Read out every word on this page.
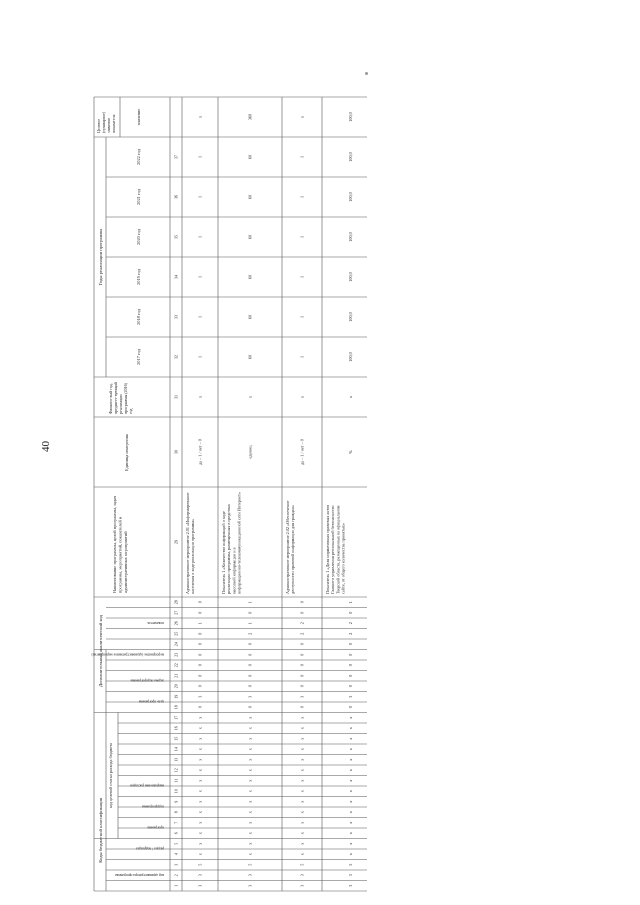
40
Коды бюджетной классификации
Дополнительный аналитический код
код целевой статьи расхода бюджета
код администратора программы
раздел / подраздел
программа
подпрограмма
направление расходов
цель программы
задача подпрограммы
мероприятие (административное мероприятие)
показатель
Наименование программы, целей программы, задач программы, мероприятий, показателей и административных мероприятий
Единица измерения
Финансо-вый год, предшест-вующий реализации программы (2016) год
Годы реализации программы
2017 год
2018 год
2019 год
2020 год
2021 год
2022 год
Целевое (суммарное) значение показателя	значение
1
2
3
4
5
6
7
8
9
10
11
12
13
14
15
16
17
18
19
20
21
22
23
24
25
26
27
28
29
30
31
32
33
34
35
36
37
3
3
5
х
х
х
х
х
х
х
х
х
х
х
х
х
х
0
3
0
0
0
0
0
0
1
0
0
Административное мероприятие 2.01 «Информирование населения о ходе реализации программы»
да – 1 / нет – 0
х
1
1
1
1
1
1
х
3
3
5
х
х
х
х
х
х
х
х
х
х
х
х
х
х
0
3
0
0
0
0
0
2
1
0
1
Показатель 1 «Количество информаций о ходе реализации программы, размещенных в средствах массовой информации и в информационно-телекоммуникационной сети Интернет»
единиц
х
60
60
60
60
60
60
360
3
3
5
х
х
х
х
х
х
х
х
х
х
х
х
х
х
0
3
0
0
0
0
0
2
2
0
0
Административное мероприятие 2.02 «Обеспечение доступности правовой информации для граждан»
да – 1 / нет – 0
х
1
1
1
1
1
1
х
3
3
5
х
х
х
х
х
х
х
х
х
х
х
х
х
х
0
3
0
0
0
0
0
2
2
0
1
Показатель 1 «Доля нормативных правовых актов Главного управления региональной безопасности Тверской области, размещенных на официальном сайте, от общего количества принятых»
%
х
100,0
100,0
100,0
100,0
100,0
100,0
100,0
